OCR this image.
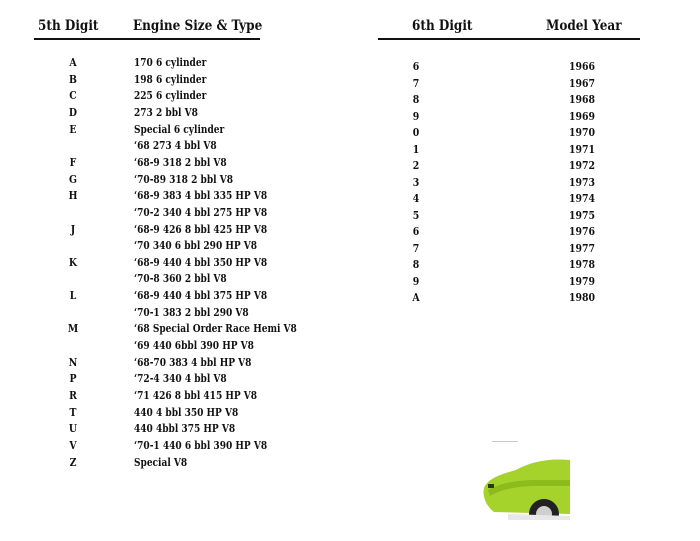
5th Digit Engine Size & Type	6th Digit	Model Year
A	170 6 cylinder
B	198 6 cylinder
C	225 6 cylinder
D	273 2 bbl V8
E	Special 6 cylinder
‘68 273 4 bbl V8
F	‘68-9 318 2 bbl V8
G	‘70-89 318 2 bbl V8
H	‘68-9 383 4 bbl 335 HP V8
‘70-2 340 4 bbl 275 HP V8
J	‘68-9 426 8 bbl 425 HP V8
‘70 340 6 bbl 290 HP V8
K	‘68-9 440 4 bbl 350 HP V8
‘70-8 360 2 bbl V8
L	‘68-9 440 4 bbl 375 HP V8
‘70-1 383 2 bbl 290 V8
M	‘68 Special Order Race Hemi V8
‘69 440 6bbl 390 HP V8
N	‘68-70 383 4 bbl HP V8
P	‘72-4 340 4 bbl V8
R	‘71 426 8 bbl 415 HP V8
T	440 4 bbl 350 HP V8
U	440 4bbl 375 HP V8
V	‘70-1 440 6 bbl 390 HP V8
Z	Special V8
6	1966
7	1967
8	1968
9	1969
0	1970
1	1971
2	1972
3	1973
4	1974
5	1975
6	1976
7	1977
8	1978
9	1979
A	1980
